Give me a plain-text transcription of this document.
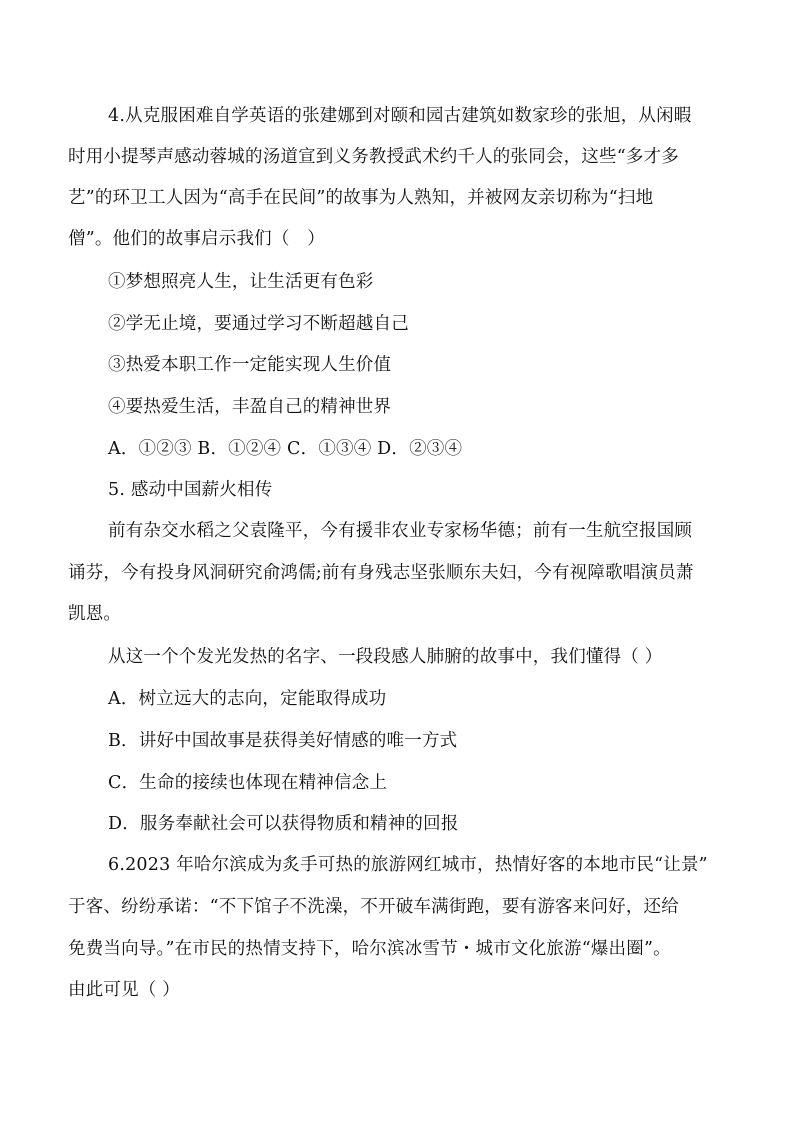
4.从克服困难自学英语的张建娜到对颐和园古建筑如数家珍的张旭，从闲暇
时用小提琴声感动蓉城的汤道宣到义务教授武术约千人的张同会，这些“多才多
艺”的环卫工人因为“高手在民间”的故事为人熟知，并被网友亲切称为“扫地
僧”。他们的故事启示我们（　）
①梦想照亮人生，让生活更有色彩
②学无止境，要通过学习不断超越自己
③热爱本职工作一定能实现人生价值
④要热爱生活，丰盈自己的精神世界
A．①②③ B．①②④ C．①③④ D．②③④
5. 感动中国薪火相传
前有杂交水稻之父袁隆平，今有援非农业专家杨华德；前有一生航空报国顾
诵芬，今有投身风洞研究俞鸿儒;前有身残志坚张顺东夫妇，今有视障歌唱演员萧
凯恩。
从这一个个发光发热的名字、一段段感人肺腑的故事中，我们懂得（ ）
A．树立远大的志向，定能取得成功
B．讲好中国故事是获得美好情感的唯一方式
C．生命的接续也体现在精神信念上
D．服务奉献社会可以获得物质和精神的回报
6.2023 年哈尔滨成为炙手可热的旅游网红城市，热情好客的本地市民“让景”
于客、纷纷承诺：“不下馆子不洗澡，不开破车满街跑，要有游客来问好，还给
免费当向导。”在市民的热情支持下，哈尔滨冰雪节・城市文化旅游“爆出圈”。
由此可见（ ）
